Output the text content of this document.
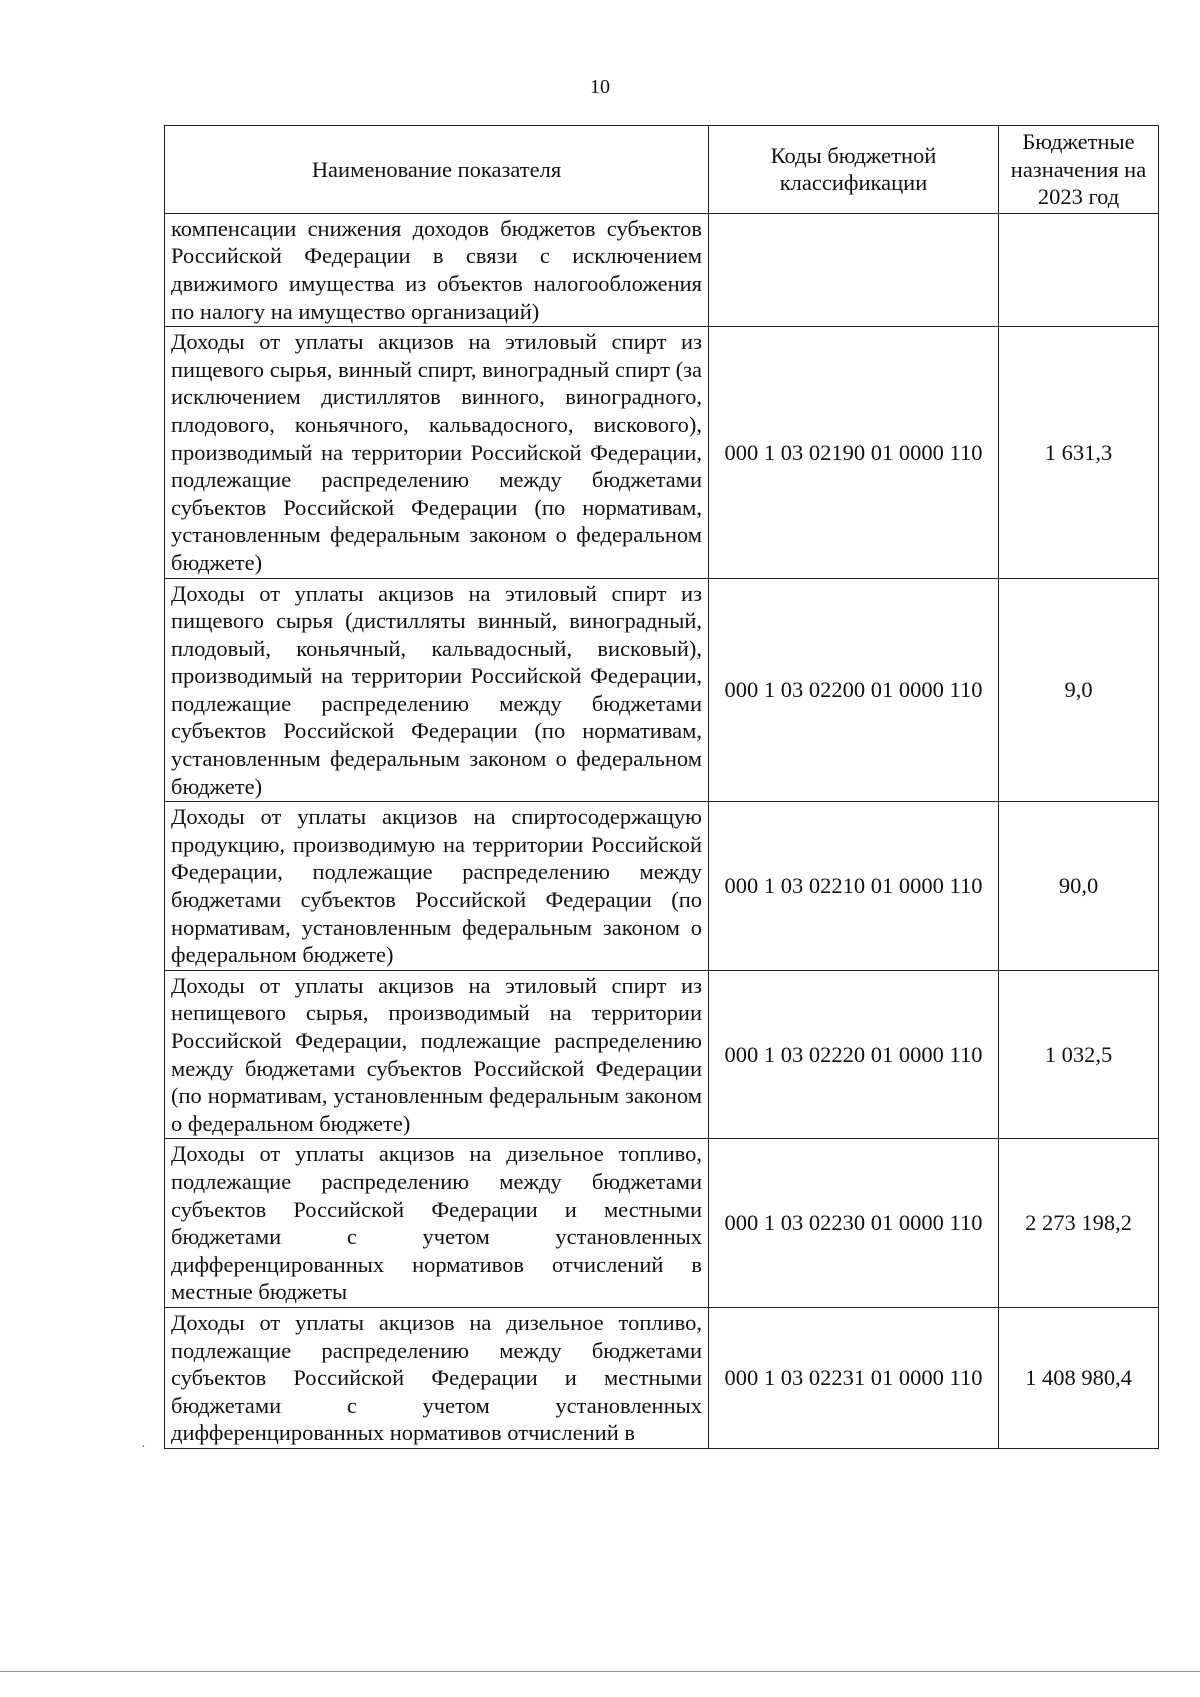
10
Наименование показателя	Коды бюджетной классификации	Бюджетные назначения на 2023 год
компенсации снижения доходов бюджетов субъектов Российской Федерации в связи с исключением движимого имущества из объектов налогообложения по налогу на имущество организаций)		
Доходы от уплаты акцизов на этиловый спирт из пищевого сырья, винный спирт, виноградный спирт (за исключением дистиллятов винного, виноградного, плодового, коньячного, кальвадосного, вискового), производимый на территории Российской Федерации, подлежащие распределению между бюджетами субъектов Российской Федерации (по нормативам, установленным федеральным законом о федеральном бюджете)	000 1 03 02190 01 0000 110	1 631,3
Доходы от уплаты акцизов на этиловый спирт из пищевого сырья (дистилляты винный, виноградный, плодовый, коньячный, кальвадосный, висковый), производимый на территории Российской Федерации, подлежащие распределению между бюджетами субъектов Российской Федерации (по нормативам, установленным федеральным законом о федеральном бюджете)	000 1 03 02200 01 0000 110	9,0
Доходы от уплаты акцизов на спиртосодержащую продукцию, производимую на территории Российской Федерации, подлежащие распределению между бюджетами субъектов Российской Федерации (по нормативам, установленным федеральным законом о федеральном бюджете)	000 1 03 02210 01 0000 110	90,0
Доходы от уплаты акцизов на этиловый спирт из непищевого сырья, производимый на территории Российской Федерации, подлежащие распределению между бюджетами субъектов Российской Федерации (по нормативам, установленным федеральным законом о федеральном бюджете)	000 1 03 02220 01 0000 110	1 032,5
Доходы от уплаты акцизов на дизельное топливо, подлежащие распределению между бюджетами субъектов Российской Федерации и местными бюджетами с учетом установленных дифференцированных нормативов отчислений в местные бюджеты	000 1 03 02230 01 0000 110	2 273 198,2
Доходы от уплаты акцизов на дизельное топливо, подлежащие распределению между бюджетами субъектов Российской Федерации и местными бюджетами с учетом установленных дифференцированных нормативов отчислений в	000 1 03 02231 01 0000 110	1 408 980,4
·
